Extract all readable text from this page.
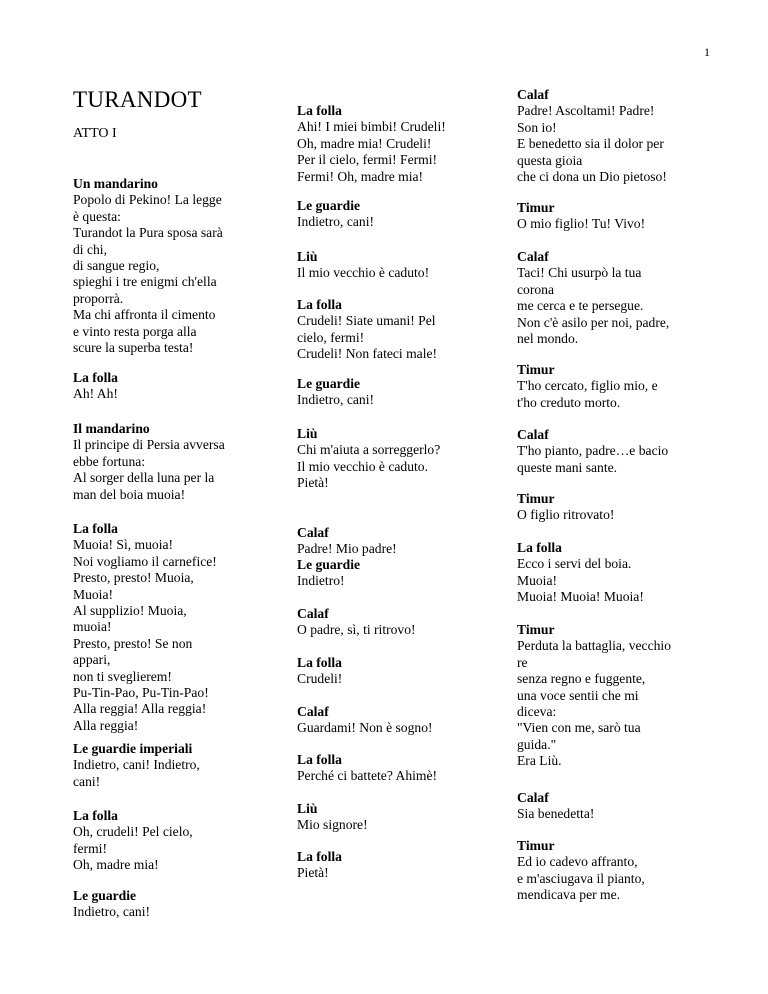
1
TURANDOT
ATTO I
Un mandarino
Popolo di Pekino! La legge
è questa:
Turandot la Pura sposa sarà
di chi,
di sangue regio,
spieghi i tre enigmi ch'ella
proporrà.
Ma chi affronta il cimento
e vinto resta porga alla
scure la superba testa!
La folla
Ah! Ah!
Il mandarino
Il principe di Persia avversa
ebbe fortuna:
Al sorger della luna per la
man del boia muoia!
La folla
Muoia! Sì, muoia!
Noi vogliamo il carnefice!
Presto, presto! Muoia,
Muoia!
Al supplizio! Muoia,
muoia!
Presto, presto! Se non
appari,
non ti sveglierem!
Pu-Tin-Pao, Pu-Tin-Pao!
Alla reggia! Alla reggia!
Alla reggia!
Le guardie imperiali
Indietro, cani! Indietro,
cani!
La folla
Oh, crudeli! Pel cielo,
fermi!
Oh, madre mia!
Le guardie
Indietro, cani!
La folla
Ahi! I miei bimbi! Crudeli!
Oh, madre mia! Crudeli!
Per il cielo, fermi! Fermi!
Fermi! Oh, madre mia!
Le guardie
Indietro, cani!
Liù
Il mio vecchio è caduto!
La folla
Crudeli! Siate umani! Pel
cielo, fermi!
Crudeli! Non fateci male!
Le guardie
Indietro, cani!
Liù
Chi m'aiuta a sorreggerlo?
Il mio vecchio è caduto.
Pietà!
Calaf
Padre! Mio padre!
Le guardie
Indietro!
Calaf
O padre, sì, ti ritrovo!
La folla
Crudeli!
Calaf
Guardami! Non è sogno!
La folla
Perché ci battete? Ahimè!
Liù
Mio signore!
La folla
Pietà!
Calaf
Padre! Ascoltami! Padre!
Son io!
E benedetto sia il dolor per
questa gioia
che ci dona un Dio pietoso!
Timur
O mio figlio! Tu! Vivo!
Calaf
Taci! Chi usurpò la tua
corona
me cerca e te persegue.
Non c'è asilo per noi, padre,
nel mondo.
Timur
T'ho cercato, figlio mio, e
t'ho creduto morto.
Calaf
T'ho pianto, padre…e bacio
queste mani sante.
Timur
O figlio ritrovato!
La folla
Ecco i servi del boia.
Muoia!
Muoia! Muoia! Muoia!
Timur
Perduta la battaglia, vecchio
re
senza regno e fuggente,
una voce sentii che mi
diceva:
"Vien con me, sarò tua
guida."
Era Liù.
Calaf
Sia benedetta!
Timur
Ed io cadevo affranto,
e m'asciugava il pianto,
mendicava per me.
